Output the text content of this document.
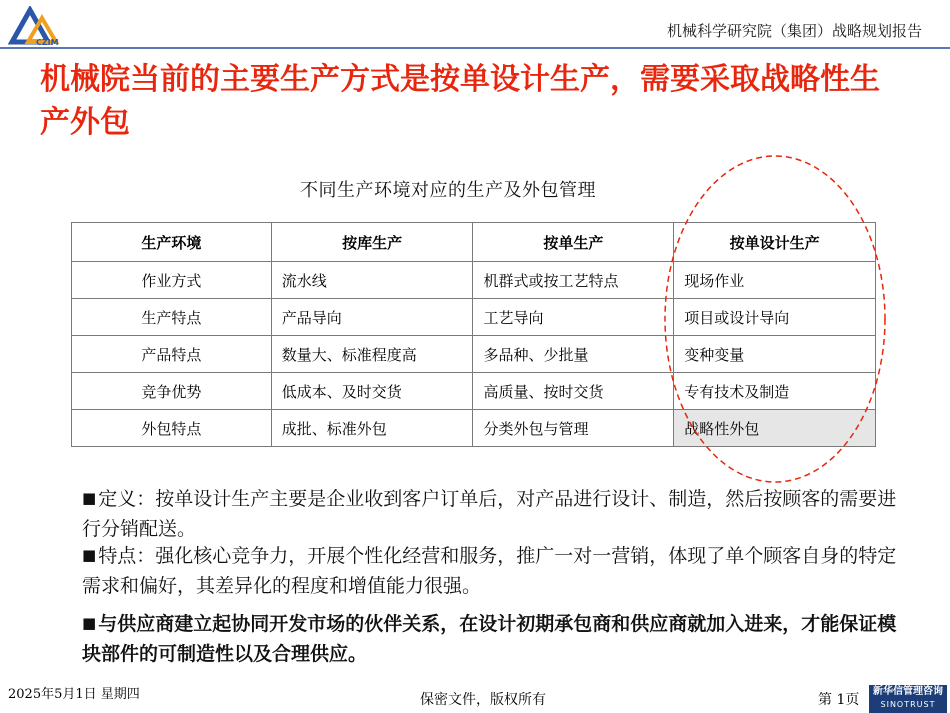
CZIM
机械科学研究院（集团）战略规划报告
机械院当前的主要生产方式是按单设计生产，需要采取战略性生产外包
不同生产环境对应的生产及外包管理
生产环境	按库生产	按单生产	按单设计生产
作业方式	流水线	机群式或按工艺特点	现场作业
生产特点	产品导向	工艺导向	项目或设计导向
产品特点	数量大、标准程度高	多品种、少批量	变种变量
竞争优势	低成本、及时交货	高质量、按时交货	专有技术及制造
外包特点	成批、标准外包	分类外包与管理	战略性外包
■ 定义：按单设计生产主要是企业收到客户订单后，对产品进行设计、制造，然后按顾客的需要进行分销配送。
■ 特点：强化核心竞争力，开展个性化经营和服务，推广一对一营销，体现了单个顾客自身的特定需求和偏好，其差异化的程度和增值能力很强。
■ 与供应商建立起协同开发市场的伙伴关系，在设计初期承包商和供应商就加入进来，才能保证模块部件的可制造性以及合理供应。
2025年5月1日 星期四	保密文件，版权所有	第 1页
新华信管理咨询
SINOTRUST
